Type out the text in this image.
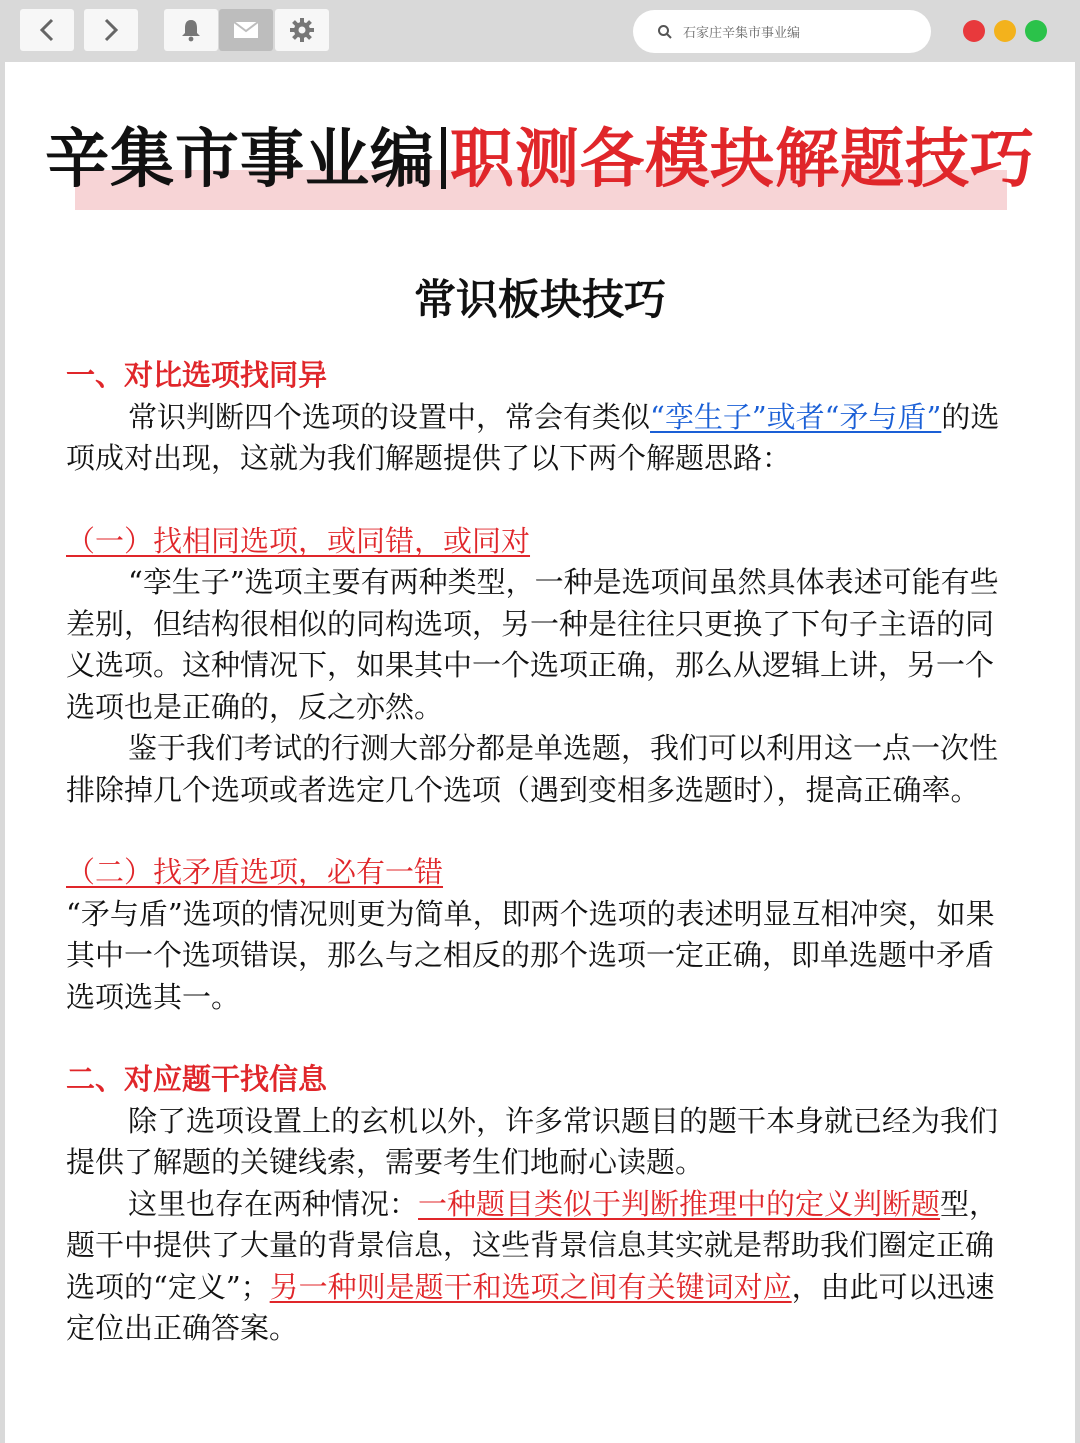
石家庄辛集市事业编
辛集市事业编 职测各模块解题技巧
常识板块技巧

一、对比选项找同异

常识判断四个选项的设置中，常会有类似“孪生子”或者“矛与盾”的选项成对出现，这就为我们解题提供了以下两个解题思路：

（一）找相同选项，或同错，或同对

“孪生子”选项主要有两种类型，一种是选项间虽然具体表述可能有些差别，但结构很相似的同构选项，另一种是往往只更换了下句子主语的同义选项。这种情况下，如果其中一个选项正确，那么从逻辑上讲，另一个选项也是正确的，反之亦然。

鉴于我们考试的行测大部分都是单选题，我们可以利用这一点一次性排除掉几个选项或者选定几个选项（遇到变相多选题时），提高正确率。

（二）找矛盾选项，必有一错

“矛与盾”选项的情况则更为简单，即两个选项的表述明显互相冲突，如果其中一个选项错误，那么与之相反的那个选项一定正确，即单选题中矛盾选项选其一。

二、对应题干找信息

除了选项设置上的玄机以外，许多常识题目的题干本身就已经为我们提供了解题的关键线索，需要考生们地耐心读题。

这里也存在两种情况：一种题目类似于判断推理中的定义判断题型，题干中提供了大量的背景信息，这些背景信息其实就是帮助我们圈定正确选项的“定义”；另一种则是题干和选项之间有关键词对应，由此可以迅速定位出正确答案。
